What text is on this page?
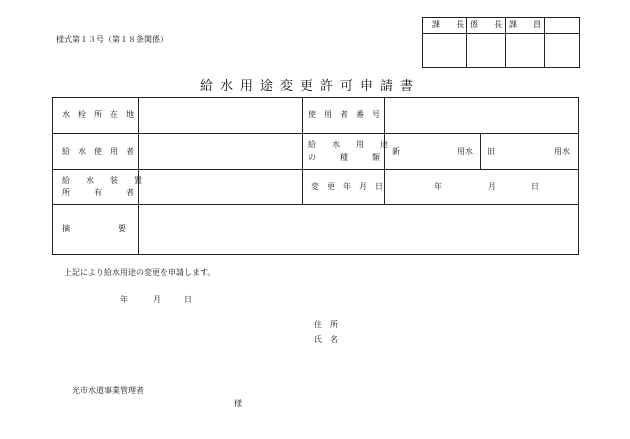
様式第１３号（第１８条関係）
課　　長 係　　長 課　　員
給水用途変更許可申請書
水　栓　所　在　地	使　用　者　番　号
給　水　使　用　者
給　　水　　用　　途
の　　　種　　　類
新	用水 旧	用水
給　　水　　装　　置
所　　　有　　　者
変　更　年　月　日	年	月	日
摘　　　　　　要
上記により給水用途の変更を申請します。
年	月	日
住　所
氏　名
光市水道事業管理者
様
